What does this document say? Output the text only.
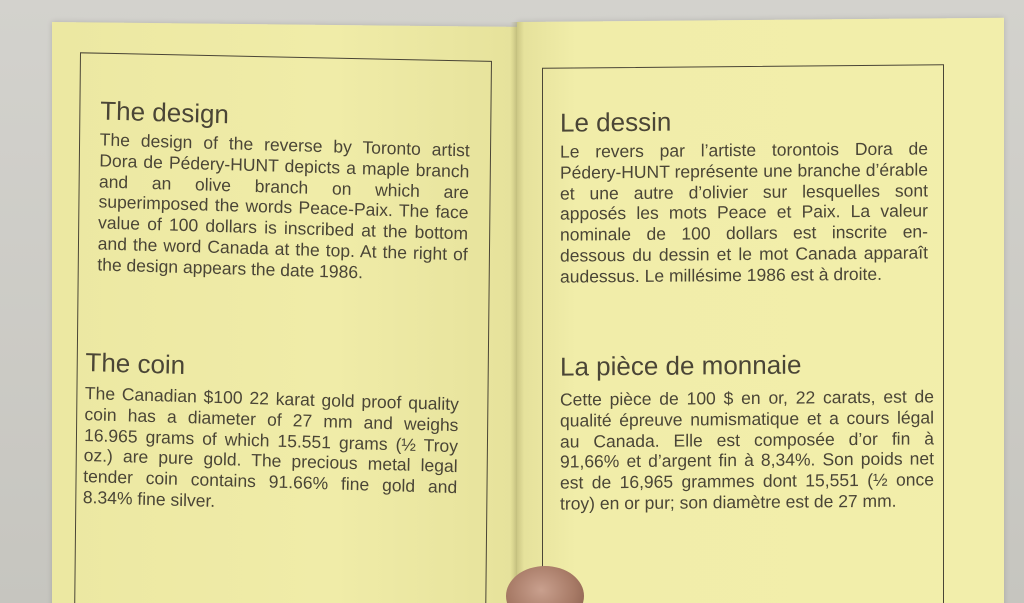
The design

The design of the reverse by Toronto artist Dora de Pédery-HUNT depicts a maple branch and an olive branch on which are superimposed the words Peace-Paix. The face value of 100 dollars is inscribed at the bottom and the word Canada at the top. At the right of the design appears the date 1986.

The coin

The Canadian $100 22 karat gold proof quality coin has a diameter of 27 mm and weighs 16.965 grams of which 15.551 grams (½ Troy oz.) are pure gold. The precious metal legal tender coin contains 91.66% fine gold and 8.34% fine silver.

Le dessin

Le revers par l’artiste torontois Dora de Pédery-HUNT représente une branche d’érable et une autre d’olivier sur lesquelles sont apposés les mots Peace et Paix. La valeur nominale de 100 dollars est inscrite en-dessous du dessin et le mot Canada apparaît audessus. Le millésime 1986 est à droite.

La pièce de monnaie

Cette pièce de 100 $ en or, 22 carats, est de qualité épreuve numismatique et a cours légal au Canada. Elle est composée d’or fin à 91,66% et d’argent fin à 8,34%. Son poids net est de 16,965 grammes dont 15,551 (½ once troy) en or pur; son diamètre est de 27 mm.
